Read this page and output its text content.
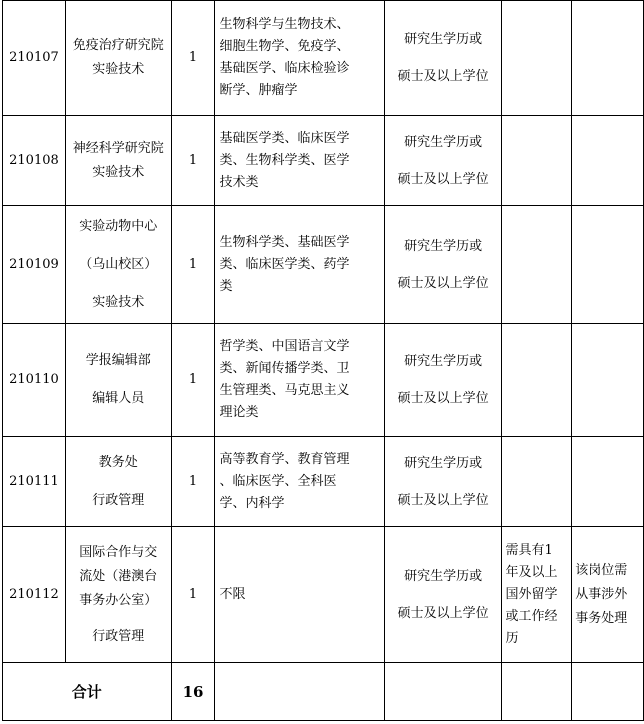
210107	免疫治疗研究院
实验技术	1	生物科学与生物技术、
细胞生物学、免疫学、
基础医学、临床检验诊
断学、肿瘤学	研究生学历或
硕士及以上学位		

210108	神经科学研究院
实验技术	1	基础医学类、临床医学
类、生物科学类、医学
技术类	研究生学历或
硕士及以上学位		

210109	实验动物中心
（乌山校区）
实验技术	1	生物科学类、基础医学
类、临床医学类、药学
类	研究生学历或
硕士及以上学位		

210110	学报编辑部
编辑人员	1	哲学类、中国语言文学
类、新闻传播学类、卫
生管理类、马克思主义
理论类	研究生学历或
硕士及以上学位		

210111	教务处
行政管理	1	高等教育学、教育管理
、临床医学、全科医
学、内科学	研究生学历或
硕士及以上学位		

210112	国际合作与交
流处（港澳台
事务办公室）
行政管理	1	不限	研究生学历或
硕士及以上学位	需具有1
年及以上
国外留学
或工作经
历	该岗位需
从事涉外
事务处理

合计		16				
